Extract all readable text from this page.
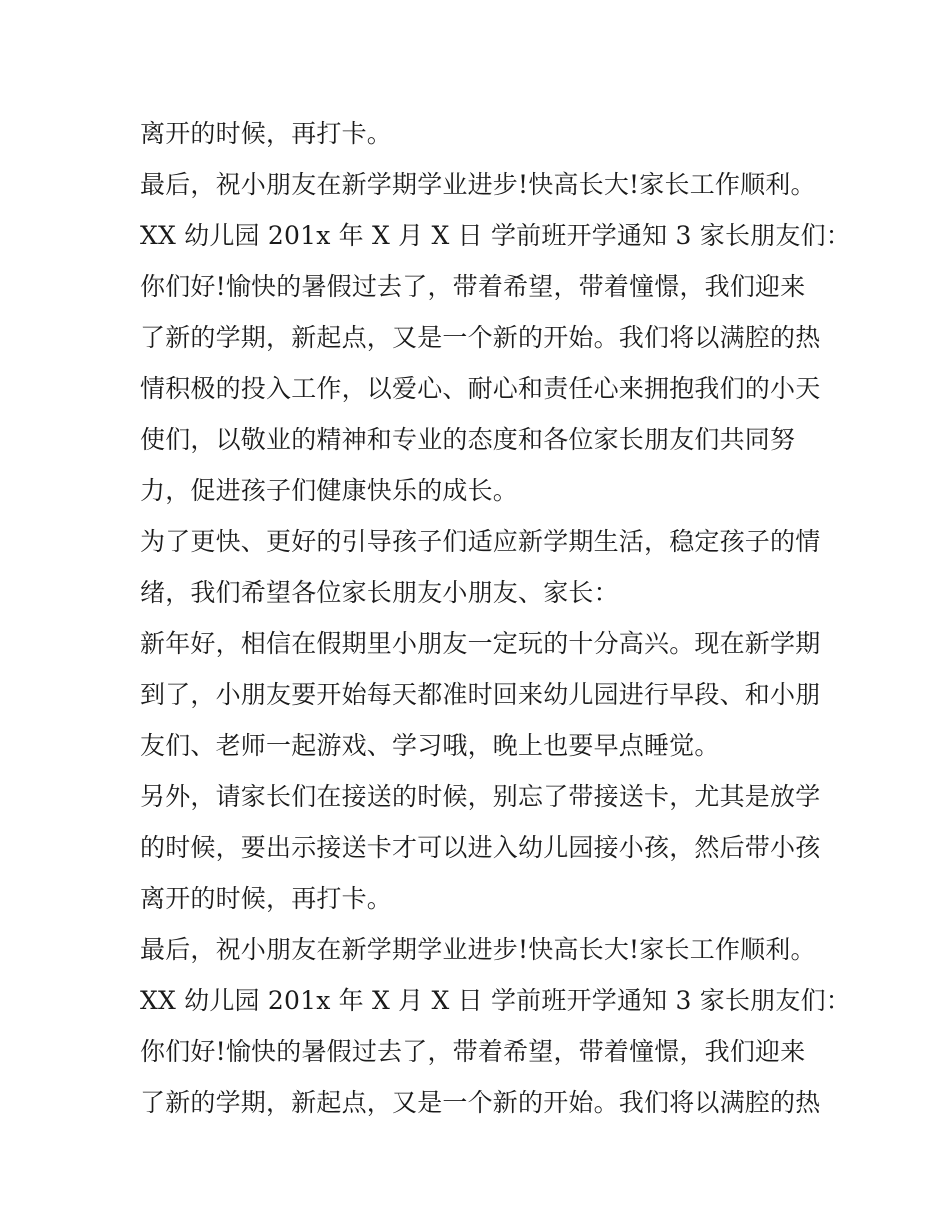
离开的时候，再打卡。
最后，祝小朋友在新学期学业进步!快高长大!家长工作顺利。
XX 幼儿园 201x 年 X 月 X 日 学前班开学通知 3 家长朋友们：
你们好!愉快的暑假过去了，带着希望，带着憧憬，我们迎来
了新的学期，新起点，又是一个新的开始。我们将以满腔的热
情积极的投入工作，以爱心、耐心和责任心来拥抱我们的小天
使们，以敬业的精神和专业的态度和各位家长朋友们共同努
力，促进孩子们健康快乐的成长。
为了更快、更好的引导孩子们适应新学期生活，稳定孩子的情
绪，我们希望各位家长朋友小朋友、家长：
新年好，相信在假期里小朋友一定玩的十分高兴。现在新学期
到了，小朋友要开始每天都准时回来幼儿园进行早段、和小朋
友们、老师一起游戏、学习哦，晚上也要早点睡觉。
另外，请家长们在接送的时候，别忘了带接送卡，尤其是放学
的时候，要出示接送卡才可以进入幼儿园接小孩，然后带小孩
离开的时候，再打卡。
最后，祝小朋友在新学期学业进步!快高长大!家长工作顺利。
XX 幼儿园 201x 年 X 月 X 日 学前班开学通知 3 家长朋友们：
你们好!愉快的暑假过去了，带着希望，带着憧憬，我们迎来
了新的学期，新起点，又是一个新的开始。我们将以满腔的热
